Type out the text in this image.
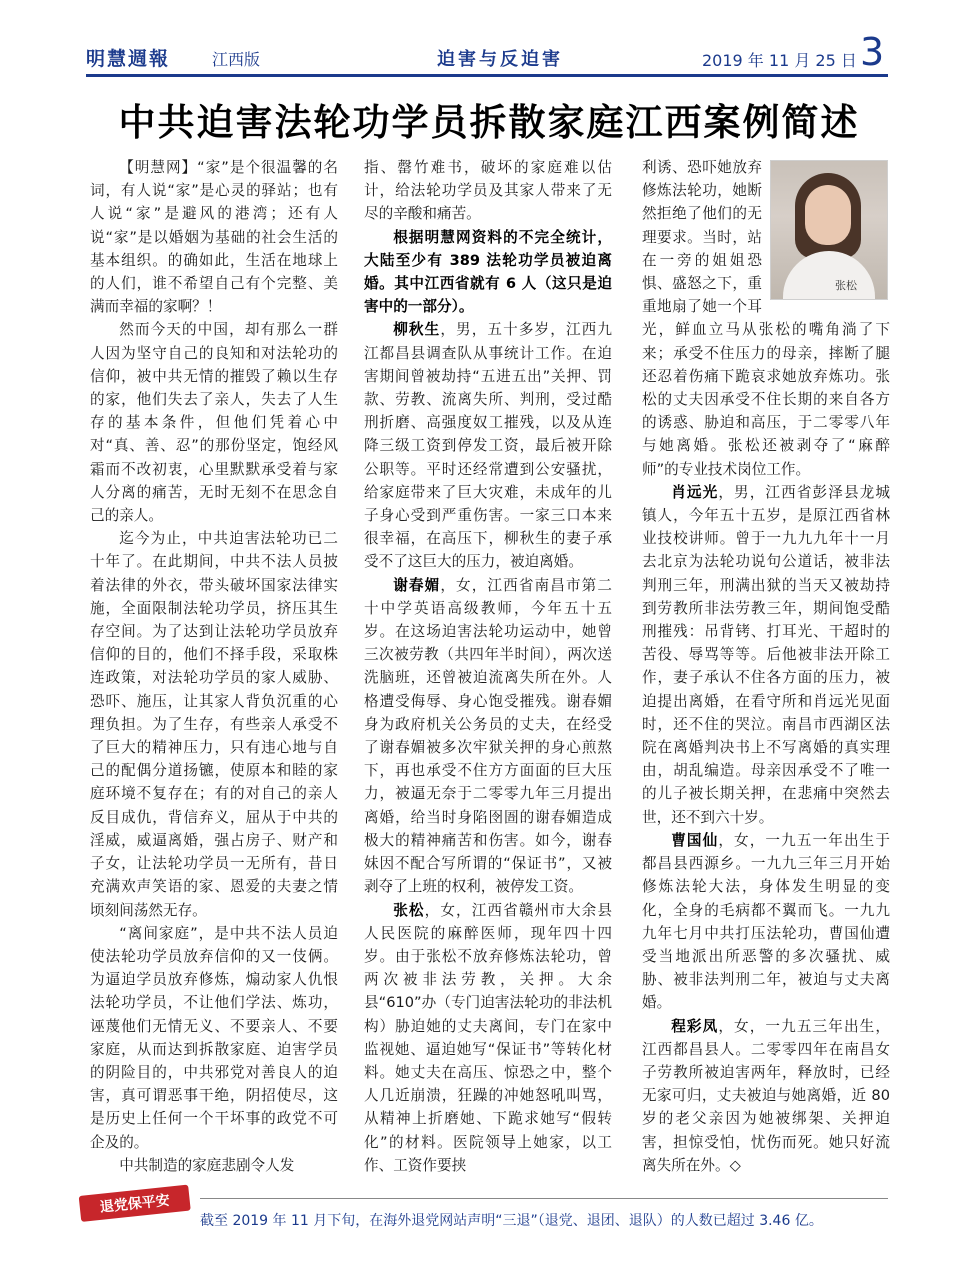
明慧週報	江西版	迫害与反迫害	2019 年 11 月 25 日 3
中共迫害法轮功学员拆散家庭江西案例简述

【明慧网】“家”是个很温馨的名词，有人说“家”是心灵的驿站；也有人说“家”是避风的港湾；还有人说“家”是以婚姻为基础的社会生活的基本组织。的确如此，生活在地球上的人们，谁不希望自己有个完整、美满而幸福的家啊？！

然而今天的中国，却有那么一群人因为坚守自己的良知和对法轮功的信仰，被中共无情的摧毁了赖以生存的家，他们失去了亲人，失去了人生存的基本条件，但他们凭着心中对“真、善、忍”的那份坚定，饱经风霜而不改初衷，心里默默承受着与家人分离的痛苦，无时无刻不在思念自己的亲人。

迄今为止，中共迫害法轮功已二十年了。在此期间，中共不法人员披着法律的外衣，带头破坏国家法律实施，全面限制法轮功学员，挤压其生存空间。为了达到让法轮功学员放弃信仰的目的，他们不择手段，采取株连政策，对法轮功学员的家人威胁、恐吓、施压，让其家人背负沉重的心理负担。为了生存，有些亲人承受不了巨大的精神压力，只有违心地与自己的配偶分道扬镳，使原本和睦的家庭环境不复存在；有的对自己的亲人反目成仇，背信弃义，屈从于中共的淫威，威逼离婚，强占房子、财产和子女，让法轮功学员一无所有，昔日充满欢声笑语的家、恩爱的夫妻之情顷刻间荡然无存。

“离间家庭”，是中共不法人员迫使法轮功学员放弃信仰的又一伎俩。为逼迫学员放弃修炼，煽动家人仇恨法轮功学员，不让他们学法、炼功，诬蔑他们无情无义、不要亲人、不要家庭，从而达到拆散家庭、迫害学员的阴险目的，中共邪党对善良人的迫害，真可谓恶事干绝，阴招使尽，这是历史上任何一个干坏事的政党不可企及的。

中共制造的家庭悲剧令人发

指、罄竹难书，破坏的家庭难以估计，给法轮功学员及其家人带来了无尽的辛酸和痛苦。

根据明慧网资料的不完全统计，大陆至少有 389 法轮功学员被迫离婚。其中江西省就有 6 人（这只是迫害中的一部分）。

柳秋生，男，五十多岁，江西九江都昌县调查队从事统计工作。在迫害期间曾被劫持“五进五出”关押、罚款、劳教、流离失所、判刑，受过酷刑折磨、高强度奴工摧残，以及从连降三级工资到停发工资，最后被开除公职等。平时还经常遭到公安骚扰，给家庭带来了巨大灾难，未成年的儿子身心受到严重伤害。一家三口本来很幸福，在高压下，柳秋生的妻子承受不了这巨大的压力，被迫离婚。

谢春媚，女，江西省南昌市第二十中学英语高级教师，今年五十五岁。在这场迫害法轮功运动中，她曾三次被劳教（共四年半时间），两次送洗脑班，还曾被迫流离失所在外。人格遭受侮辱、身心饱受摧残。谢春媚身为政府机关公务员的丈夫，在经受了谢春媚被多次牢狱关押的身心煎熬下，再也承受不住方方面面的巨大压力，被逼无奈于二零零九年三月提出离婚，给当时身陷囹圄的谢春媚造成极大的精神痛苦和伤害。如今，谢春妹因不配合写所谓的“保证书”，又被剥夺了上班的权利，被停发工资。

张松，女，江西省赣州市大余县人民医院的麻醉医师，现年四十四岁。由于张松不放弃修炼法轮功，曾两次被非法劳教，关押。大余县“610”办（专门迫害法轮功的非法机构）胁迫她的丈夫离间，专门在家中监视她、逼迫她写“保证书”等转化材料。她丈夫在高压、惊恐之中，整个人几近崩溃，狂躁的冲她怒吼叫骂，从精神上折磨她、下跪求她写“假转化”的材料。医院领导上她家，以工作、工资作要挟

利诱、恐吓她放弃修炼法轮功，她断然拒绝了他们的无理要求。当时，站在一旁的姐姐恐惧、盛怒之下，重重地扇了她一个耳光，鲜血立马从张松的嘴角淌了下来；承受不住压力的母亲，摔断了腿还忍着伤痛下跪哀求她放弃炼功。张松的丈夫因承受不住长期的来自各方的诱惑、胁迫和高压，于二零零八年与她离婚。张松还被剥夺了“麻醉师”的专业技术岗位工作。

肖远光，男，江西省彭泽县龙城镇人，今年五十五岁，是原江西省林业技校讲师。曾于一九九九年十一月去北京为法轮功说句公道话，被非法判刑三年，刑满出狱的当天又被劫持到劳教所非法劳教三年，期间饱受酷刑摧残：吊背铐、打耳光、干超时的苦役、辱骂等等。后他被非法开除工作，妻子承认不住各方面的压力，被迫提出离婚，在看守所和肖远光见面时，还不住的哭泣。南昌市西湖区法院在离婚判决书上不写离婚的真实理由，胡乱编造。母亲因承受不了唯一的儿子被长期关押，在悲痛中突然去世，还不到六十岁。

曹国仙，女，一九五一年出生于都昌县西源乡。一九九三年三月开始修炼法轮大法，身体发生明显的变化，全身的毛病都不翼而飞。一九九九年七月中共打压法轮功，曹国仙遭受当地派出所恶警的多次骚扰、威胁、被非法判刑二年，被迫与丈夫离婚。

程彩凤，女，一九五三年出生，江西都昌县人。二零零四年在南昌女子劳教所被迫害两年，释放时，已经无家可归，丈夫被迫与她离婚，近 80 岁的老父亲因为她被绑架、关押迫害，担惊受怕，忧伤而死。她只好流离失所在外。◇

张松
退党保平安
截至 2019 年 11 月下旬，在海外退党网站声明“三退”（退党、退团、退队）的人数已超过 3.46 亿。
